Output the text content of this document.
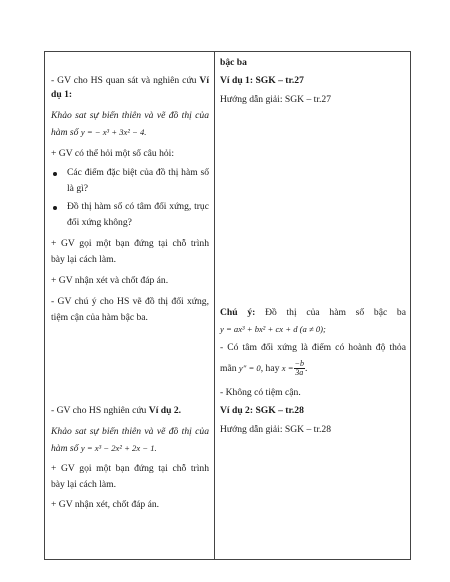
- GV cho HS quan sát và nghiên cứu Ví

dụ 1:

Khảo sat sự biến thiên và vẽ đồ thị của

hàm số y = − x³ + 3x² − 4.

+ GV có thể hỏi một số câu hỏi:

Các điểm đặc biệt của đồ thị hàm số

là gì?

Đồ thị hàm số có tâm đối xứng, trục

đối xứng không?

+ GV gọi một bạn đứng tại chỗ trình

bày lại cách làm.

+ GV nhận xét và chốt đáp án.

- GV chú ý cho HS vẽ đồ thị đối xứng,

tiệm cận của hàm bậc ba.

- GV cho HS nghiên cứu Ví dụ 2.

Khảo sat sự biến thiên và vẽ đồ thị của

hàm số y = x³ − 2x² + 2x − 1.

+ GV gọi một bạn đứng tại chỗ trình

bày lại cách làm.

+ GV nhận xét, chốt đáp án.

bậc ba

Ví dụ 1: SGK – tr.27

Hướng dẫn giải: SGK – tr.27

Chú ý: Đồ thị của hàm số bậc ba

y = ax³ + bx² + cx + d (a ≠ 0);

- Có tâm đối xứng là điểm có hoành độ thỏa

mãn y″ = 0, hay $x = \frac{-b}{3a}$ .

- Không có tiệm cận.

Ví dụ 2: SGK – tr.28

Hướng dẫn giải: SGK – tr.28
